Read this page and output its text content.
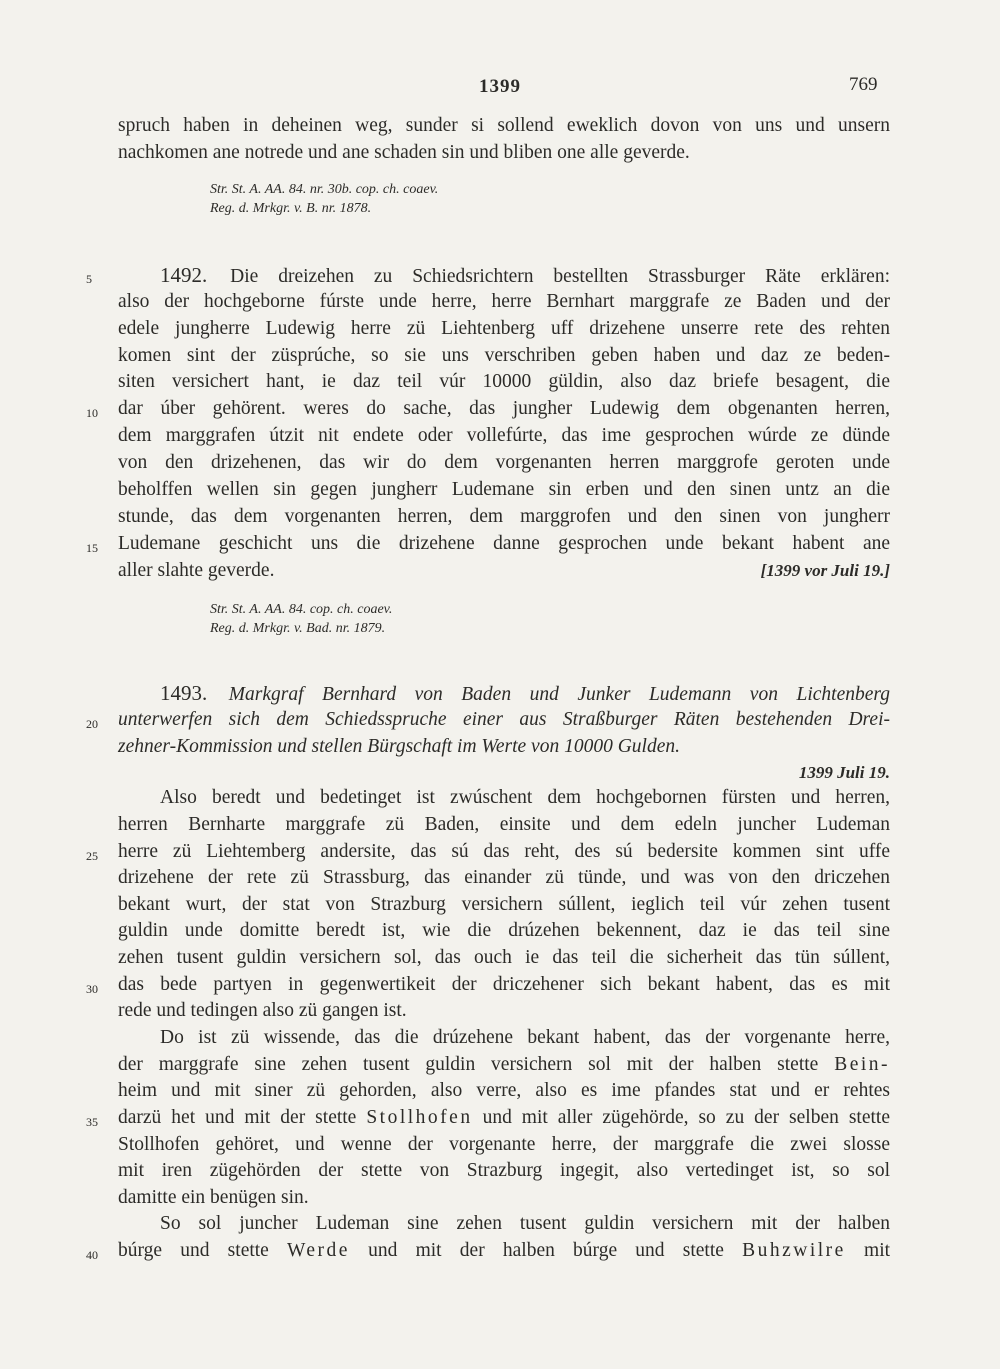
1399	769
spruch haben in deheinen weg, sunder si sollend eweklich dovon von uns und unsern
nachkomen ane notrede und ane schaden sin und bliben one alle geverde.
Str. St. A. AA. 84. nr. 30b. cop. ch. coaev.
Reg. d. Mrkgr. v. B. nr. 1878.
5	1492. Die dreizehen zu Schiedsrichtern bestellten Strassburger Räte erklären:
also der hochgeborne fúrste unde herre, herre Bernhart marggrafe ze Baden und der
edele jungherre Ludewig herre zü Liehtenberg uff drizehene unserre rete des rehten
komen sint der züsprúche, so sie uns verschriben geben haben und daz ze beden-
siten versichert hant, ie daz teil vúr 10000 güldin, also daz briefe besagent, die
10 dar úber gehörent. weres do sache, das jungher Ludewig dem obgenanten herren,
dem marggrafen útzit nit endete oder vollefúrte, das ime gesprochen wúrde ze dünde
von den drizehenen, das wir do dem vorgenanten herren marggrofe geroten unde
beholffen wellen sin gegen jungherr Ludemane sin erben und den sinen untz an die
stunde, das dem vorgenanten herren, dem marggrofen und den sinen von jungherr
15 Ludemane geschicht uns die drizehene danne gesprochen unde bekant habent ane
aller slahte geverde.	[1399 vor Juli 19.]
Str. St. A. AA. 84. cop. ch. coaev.
Reg. d. Mrkgr. v. Bad. nr. 1879.
1493. Markgraf Bernhard von Baden und Junker Ludemann von Lichtenberg
20 unterwerfen sich dem Schiedsspruche einer aus Straßburger Räten bestehenden Drei-
zehner-Kommission und stellen Bürgschaft im Werte von 10000 Gulden.
1399 Juli 19.
Also beredt und bedetinget ist zwúschent dem hochgebornen fürsten und herren,
herren Bernharte marggrafe zü Baden, einsite und dem edeln juncher Ludeman
25 herre zü Liehtemberg andersite, das sú das reht, des sú bedersite kommen sint uffe
drizehene der rete zü Strassburg, das einander zü tünde, und was von den driczehen
bekant wurt, der stat von Strazburg versichern súllent, ieglich teil vúr zehen tusent
guldin unde domitte beredt ist, wie die drúzehen bekennent, daz ie das teil sine
zehen tusent guldin versichern sol, das ouch ie das teil die sicherheit das tün súllent,
30 das bede partyen in gegenwertikeit der driczehener sich bekant habent, das es mit
rede und tedingen also zü gangen ist.
Do ist zü wissende, das die drúzehene bekant habent, das der vorgenante herre,
der marggrafe sine zehen tusent guldin versichern sol mit der halben stette Bein-
heim und mit siner zü gehorden, also verre, also es ime pfandes stat und er rehtes
35 darzü het und mit der stette Stollhofen und mit aller zügehörde, so zu der selben stette
Stollhofen gehöret, und wenne der vorgenante herre, der marggrafe die zwei slosse
mit iren zügehörden der stette von Strazburg ingegit, also vertedinget ist, so sol
damitte ein benügen sin.
So sol juncher Ludeman sine zehen tusent guldin versichern mit der halben
40 búrge und stette Werde und mit der halben búrge und stette Buhzwilre mit
